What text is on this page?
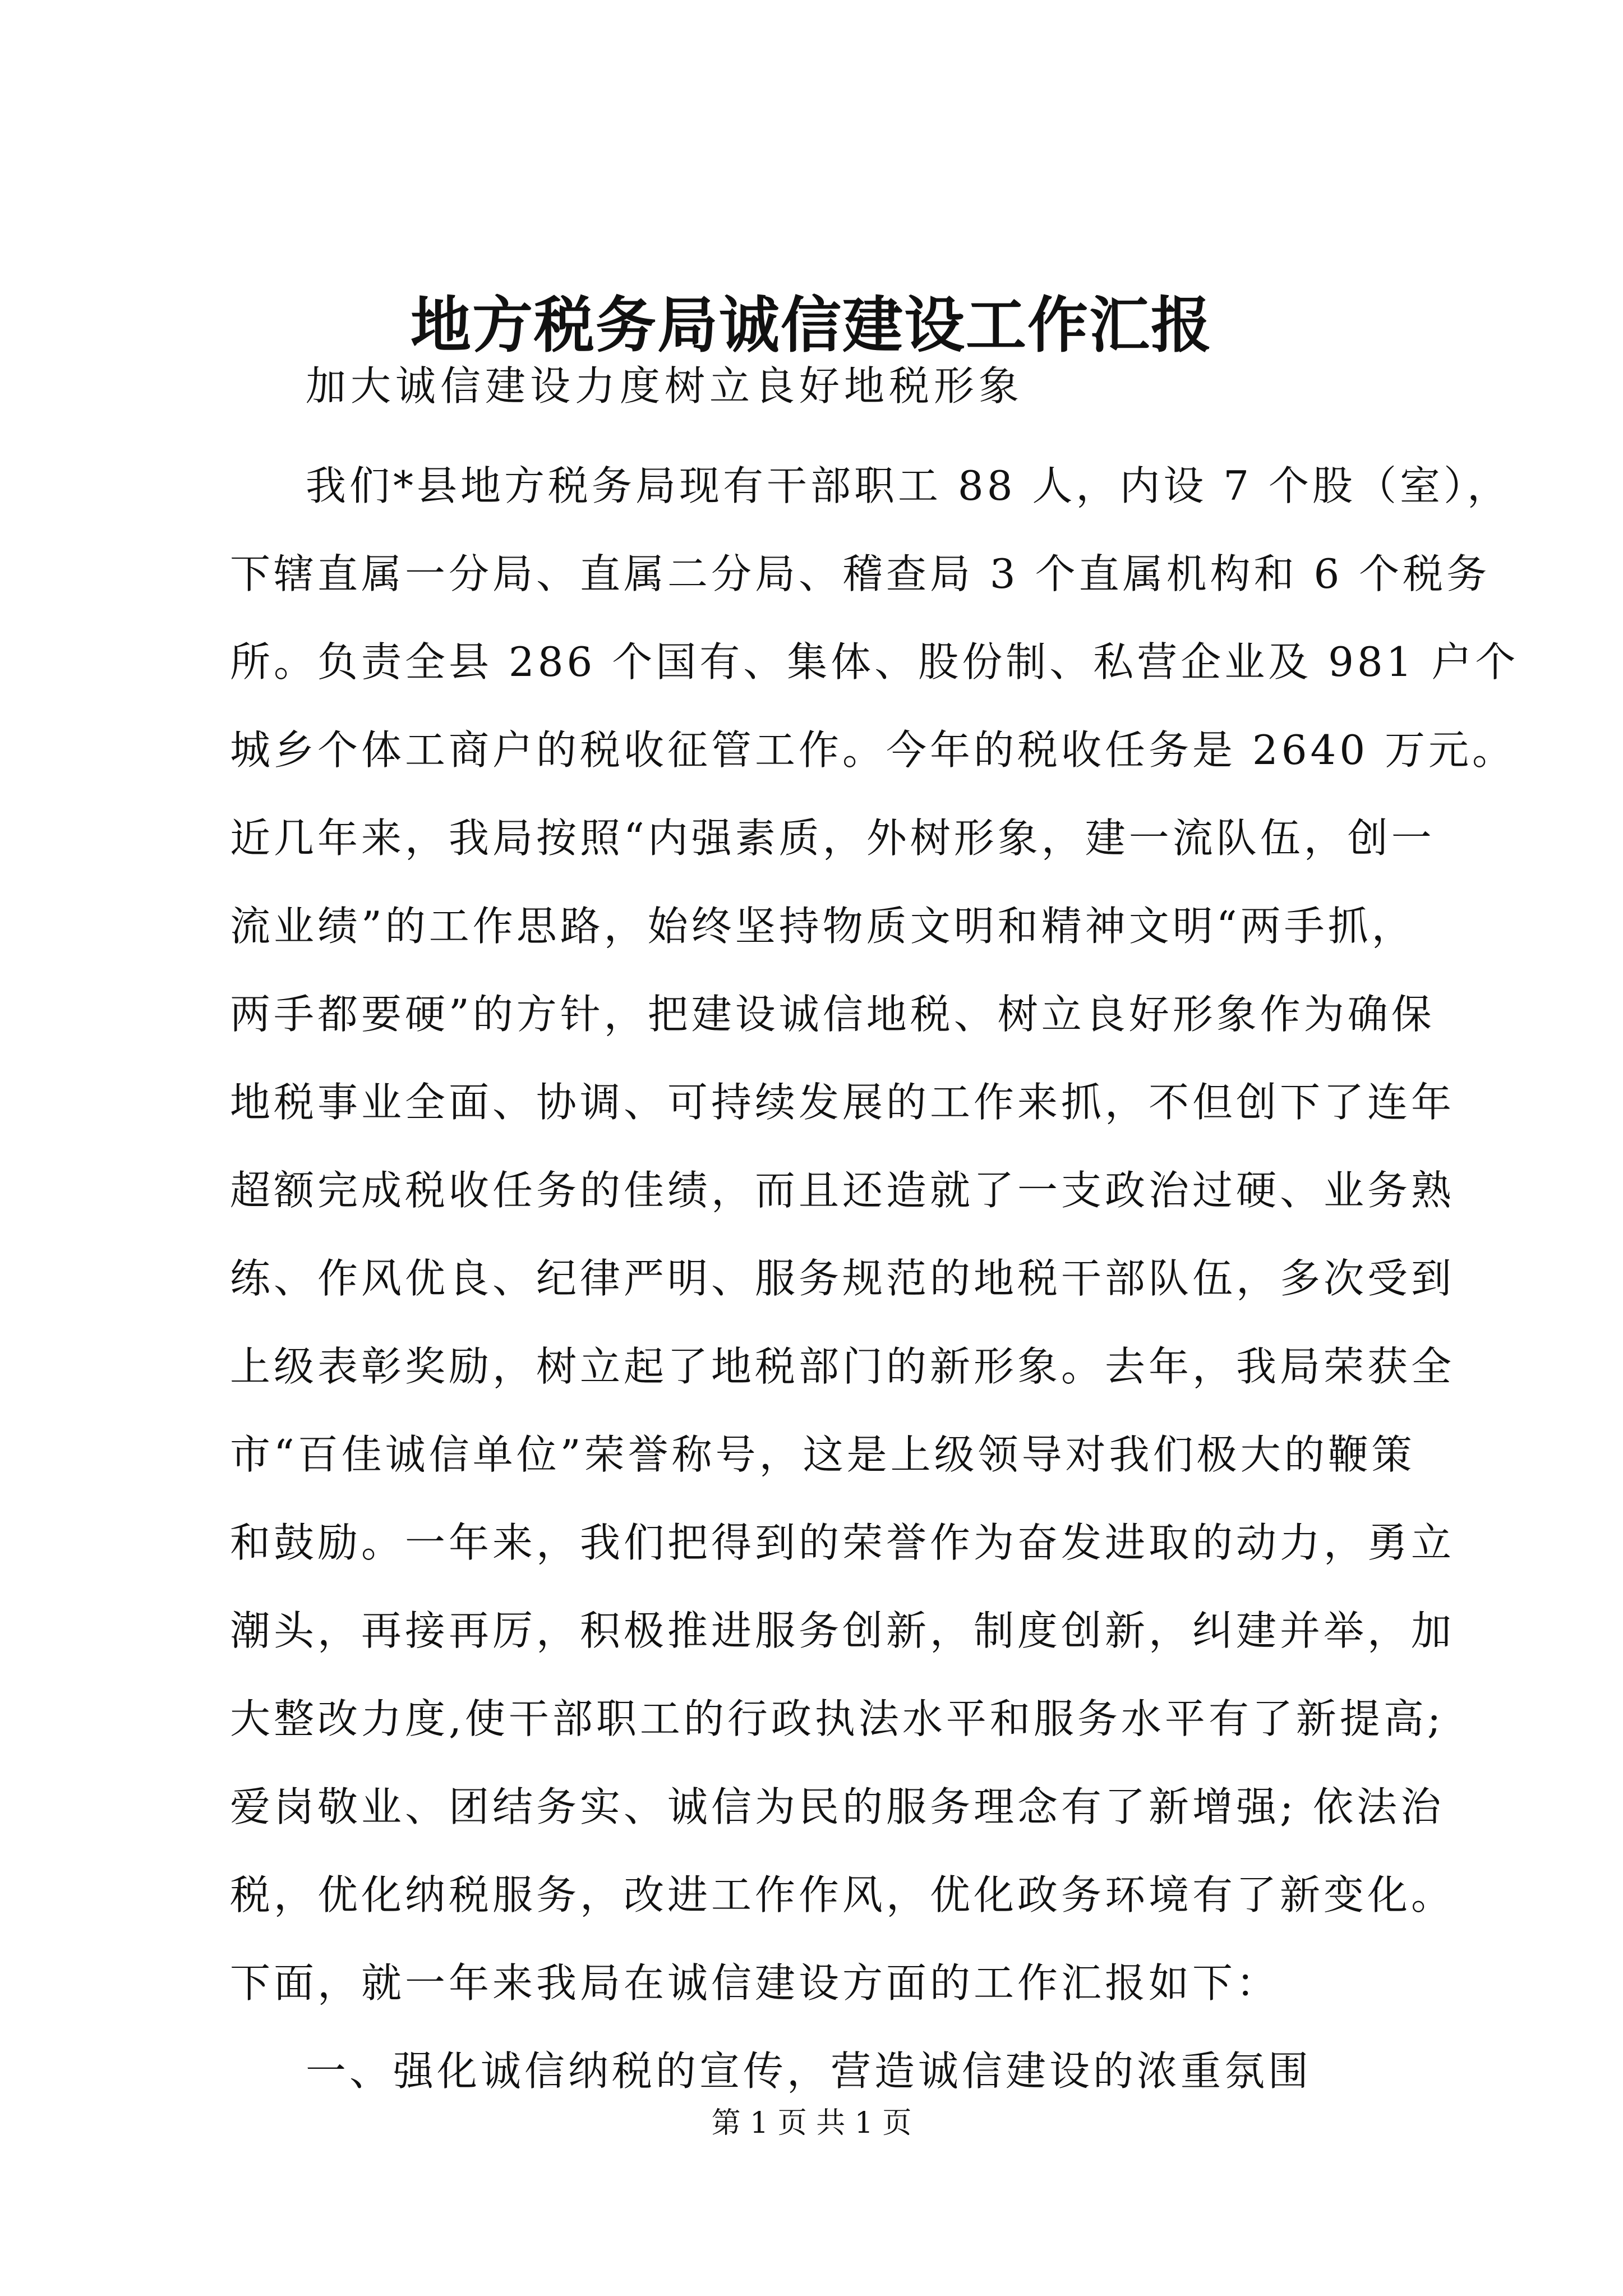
地方税务局诚信建设工作汇报
加大诚信建设力度树立良好地税形象
我们*县地方税务局现有干部职工 88 人，内设 7 个股（室），
下辖直属一分局、直属二分局、稽查局 3 个直属机构和 6 个税务
所。负责全县 286 个国有、集体、股份制、私营企业及 981 户个
城乡个体工商户的税收征管工作。今年的税收任务是 2640 万元。
近几年来，我局按照“内强素质，外树形象，建一流队伍，创一
流业绩”的工作思路，始终坚持物质文明和精神文明“两手抓，
两手都要硬”的方针，把建设诚信地税、树立良好形象作为确保
地税事业全面、协调、可持续发展的工作来抓，不但创下了连年
超额完成税收任务的佳绩，而且还造就了一支政治过硬、业务熟
练、作风优良、纪律严明、服务规范的地税干部队伍，多次受到
上级表彰奖励，树立起了地税部门的新形象。去年，我局荣获全
市“百佳诚信单位”荣誉称号，这是上级领导对我们极大的鞭策
和鼓励。一年来，我们把得到的荣誉作为奋发进取的动力，勇立
潮头，再接再厉，积极推进服务创新，制度创新，纠建并举，加
大整改力度,使干部职工的行政执法水平和服务水平有了新提高;
爱岗敬业、团结务实、诚信为民的服务理念有了新增强; 依法治
税，优化纳税服务，改进工作作风，优化政务环境有了新变化。
下面，就一年来我局在诚信建设方面的工作汇报如下：
一、强化诚信纳税的宣传，营造诚信建设的浓重氛围
第 1 页 共 1 页
